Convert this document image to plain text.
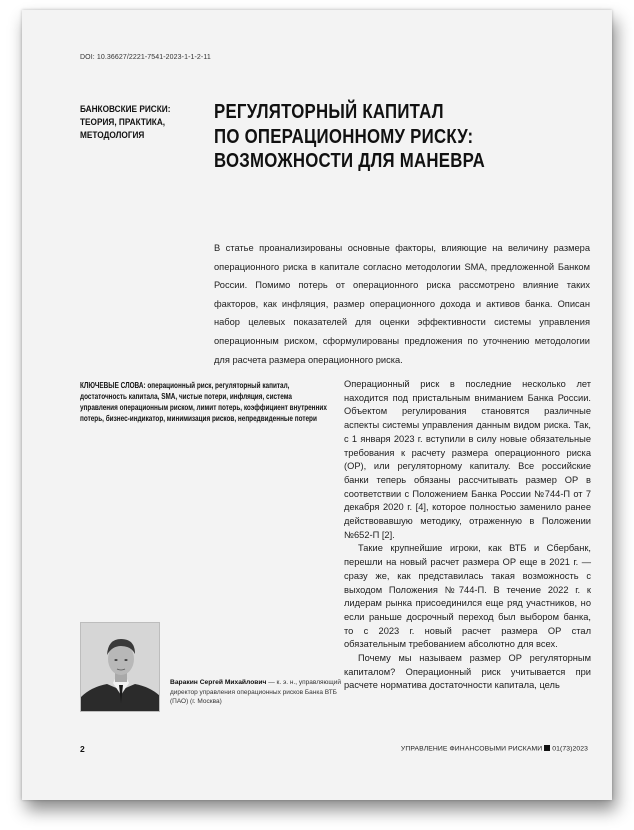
DOI: 10.36627/2221-7541-2023-1-1-2-11
БАНКОВСКИЕ РИСКИ:
ТЕОРИЯ, ПРАКТИКА,
МЕТОДОЛОГИЯ
РЕГУЛЯТОРНЫЙ КАПИТАЛ
ПО ОПЕРАЦИОННОМУ РИСКУ:
ВОЗМОЖНОСТИ ДЛЯ МАНЕВРА

В статье проанализированы основные факторы, влияющие на величину размера операционного риска в капитале согласно методологии SMA, предложенной Банком России. Помимо потерь от операционного риска рассмотрено влияние таких факторов, как инфляция, размер операционного дохода и активов банка. Описан набор целевых показателей для оценки эффективности системы управления операционным риском, сформулированы предложения по уточнению методологии для расчета размера операционного риска.

КЛЮЧЕВЫЕ СЛОВА: операционный риск, регуляторный капитал, достаточность капитала, SMA, чистые потери, инфляция, система управления операционным риском, лимит потерь, коэффициент внутренних потерь, бизнес-индикатор, минимизация рисков, непредвиденные потери

Операционный риск в последние несколько лет находится под пристальным вниманием Банка России. Объектом регулирования становятся различные аспекты системы управления данным видом риска. Так, с 1 января 2023 г. вступили в силу новые обязательные требования к расчету размера операционного риска (ОР), или регуляторному капиталу. Все российские банки теперь обязаны рассчитывать размер ОР в соответствии с Положением Банка России №744-П от 7 декабря 2020 г. [4], которое полностью заменило ранее действовавшую методику, отраженную в Положении №652-П [2].

Такие крупнейшие игроки, как ВТБ и Сбербанк, перешли на новый расчет размера ОР еще в 2021 г. — сразу же, как представилась такая возможность с выходом Положения №744-П. В течение 2022 г. к лидерам рынка присоединился еще ряд участников, но если раньше досрочный переход был выбором банка, то с 2023 г. новый расчет размера ОР стал обязательным требованием абсолютно для всех.

Почему мы называем размер ОР регуляторным капиталом? Операционный риск учитывается при расчете норматива достаточности капитала, цель

Варакин Сергей Михайлович — к. э. н., управляющий директор управления операционных рисков Банка ВТБ (ПАО) (г. Москва)
2	УПРАВЛЕНИЕ ФИНАНСОВЫМИ РИСКАМИ 01(73)2023
